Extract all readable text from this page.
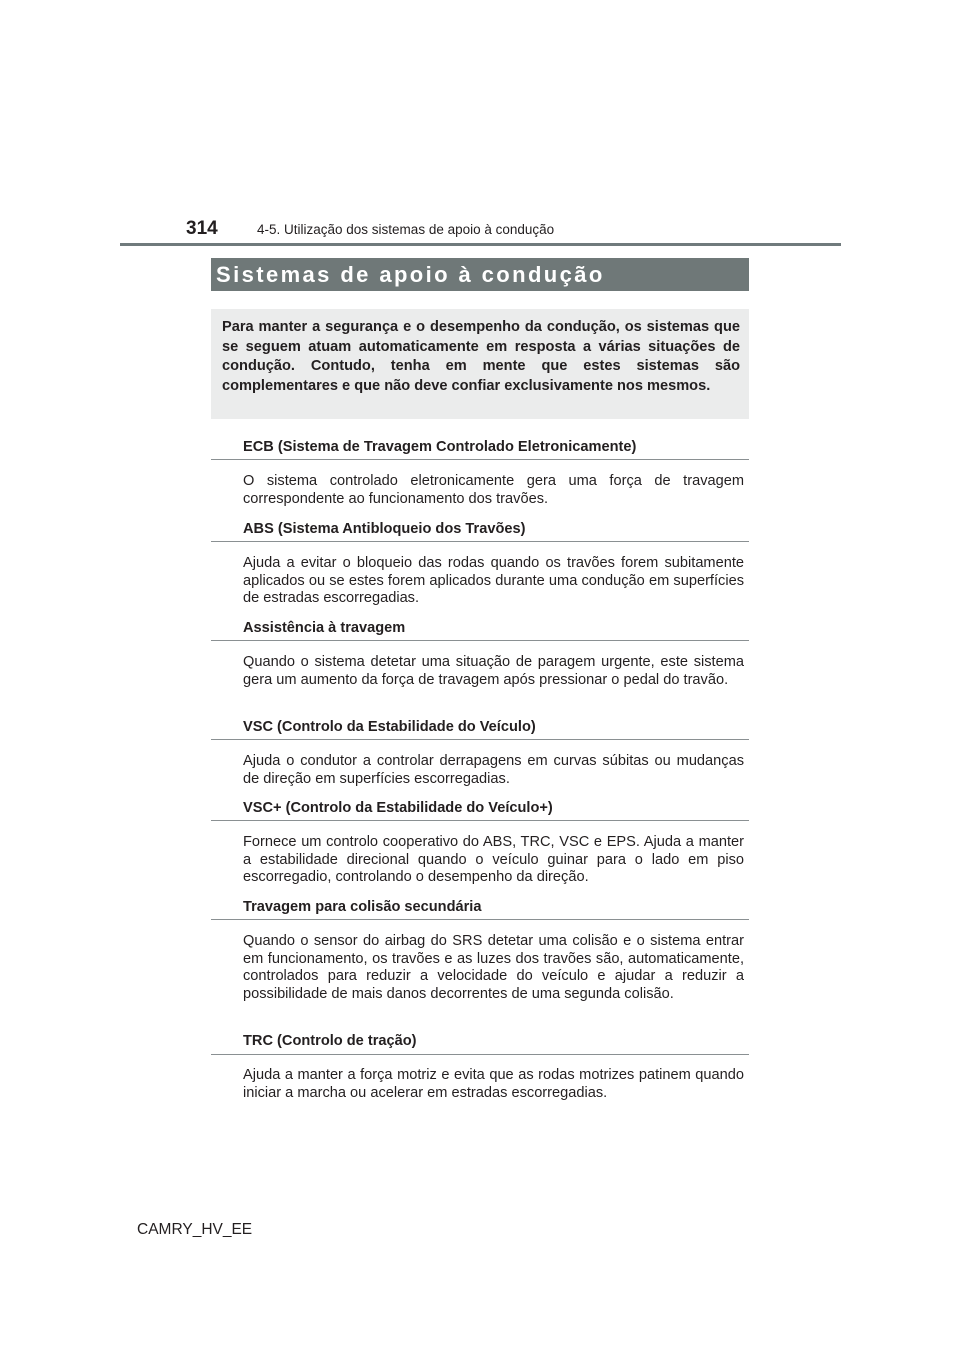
314	4-5. Utilização dos sistemas de apoio à condução
Sistemas de apoio à condução
Para manter a segurança e o desempenho da condução, os sistemas que se seguem atuam automaticamente em resposta a várias situações de condução. Contudo, tenha em mente que estes sistemas são complementares e que não deve confiar exclusivamente nos mesmos.
ECB (Sistema de Travagem Controlado Eletronicamente)
O sistema controlado eletronicamente gera uma força de travagem correspondente ao funcionamento dos travões.
ABS (Sistema Antibloqueio dos Travões)
Ajuda a evitar o bloqueio das rodas quando os travões forem subitamente aplicados ou se estes forem aplicados durante uma condução em superfícies de estradas escorregadias.
Assistência à travagem
Quando o sistema detetar uma situação de paragem urgente, este sistema gera um aumento da força de travagem após pressionar o pedal do travão.
VSC (Controlo da Estabilidade do Veículo)
Ajuda o condutor a controlar derrapagens em curvas súbitas ou mudanças de direção em superfícies escorregadias.
VSC+ (Controlo da Estabilidade do Veículo+)
Fornece um controlo cooperativo do ABS, TRC, VSC e EPS. Ajuda a manter a estabilidade direcional quando o veículo guinar para o lado em piso escorregadio, controlando o desempenho da direção.
Travagem para colisão secundária
Quando o sensor do airbag do SRS detetar uma colisão e o sistema entrar em funcionamento, os travões e as luzes dos travões são, automaticamente, controlados para reduzir a velocidade do veículo e ajudar a reduzir a possibilidade de mais danos decorrentes de uma segunda colisão.
TRC (Controlo de tração)
Ajuda a manter a força motriz e evita que as rodas motrizes patinem quando iniciar a marcha ou acelerar em estradas escorregadias.
CAMRY_HV_EE
